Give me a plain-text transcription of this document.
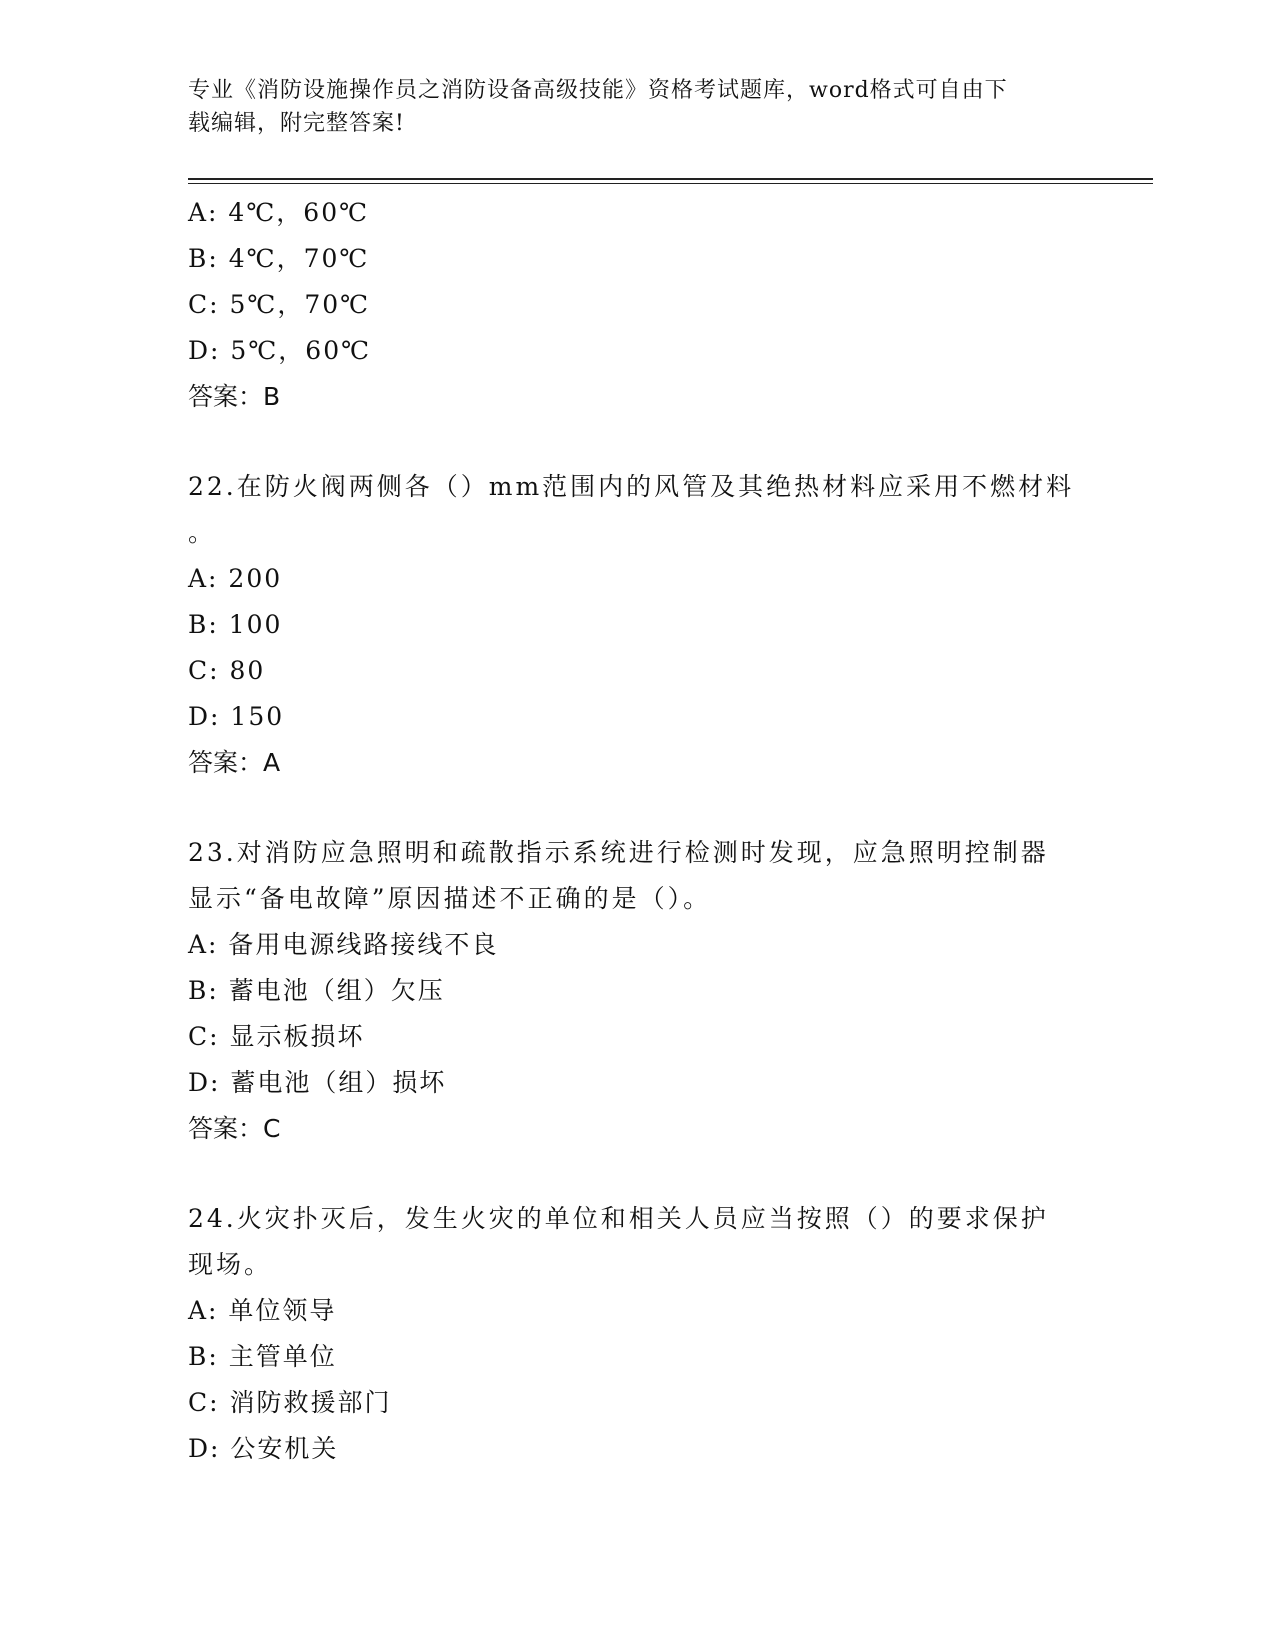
专业《消防设施操作员之消防设备高级技能》资格考试题库，word格式可自由下
载编辑，附完整答案!
A: 4℃，60℃
B: 4℃，70℃
C: 5℃，70℃
D: 5℃，60℃
答案：B
22.在防火阀两侧各（）mm范围内的风管及其绝热材料应采用不燃材料
。
A: 200
B: 100
C: 80
D: 150
答案：A
23.对消防应急照明和疏散指示系统进行检测时发现，应急照明控制器
显示“备电故障”原因描述不正确的是（）。
A: 备用电源线路接线不良
B: 蓄电池（组）欠压
C: 显示板损坏
D: 蓄电池（组）损坏
答案：C
24.火灾扑灭后，发生火灾的单位和相关人员应当按照（）的要求保护
现场。
A: 单位领导
B: 主管单位
C: 消防救援部门
D: 公安机关
